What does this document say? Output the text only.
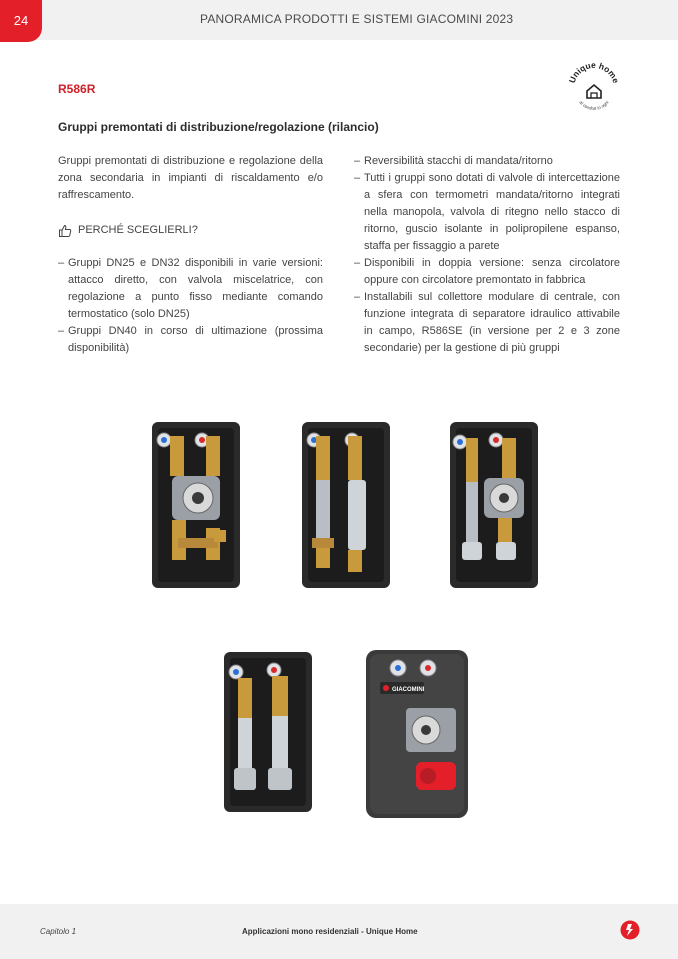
24	PANORAMICA PRODOTTI E SISTEMI GIACOMINI 2023
R586R
Gruppi premontati di distribuzione/regolazione (rilancio)
Unique home
al comfort in ogni

Gruppi premontati di distribuzione e regolazione della zona secondaria in impianti di riscaldamento e/o raffrescamento.

PERCHÉ SCEGLIERLI?
– Gruppi DN25 e DN32 disponibili in varie versioni: attacco diretto, con valvola miscelatrice, con regolazione a punto fisso mediante comando termostatico (solo DN25)
– Gruppi DN40 in corso di ultimazione (prossima disponibilità)
– Reversibilità stacchi di mandata/ritorno
– Tutti i gruppi sono dotati di valvole di intercettazione a sfera con termometri mandata/ritorno integrati nella manopola, valvola di ritegno nello stacco di ritorno, guscio isolante in polipropilene espanso, staffa per fissaggio a parete
– Disponibili in doppia versione: senza circolatore oppure con circolatore premontato in fabbrica
– Installabili sul collettore modulare di centrale, con funzione integrata di separatore idraulico attivabile in campo, R586SE (in versione per 2 e 3 zone secondarie) per la gestione di più gruppi
GIACOMINI
Capitolo 1	Applicazioni mono residenziali - Unique Home
